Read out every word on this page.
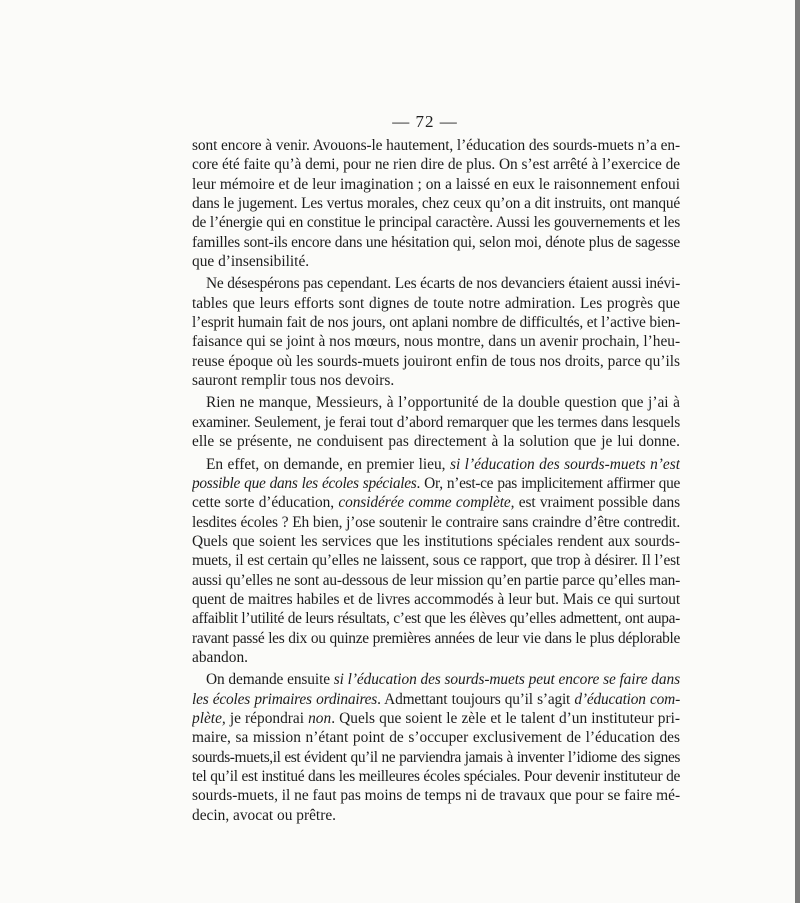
— 72 —
sont encore à venir. Avouons-le hautement, l’éducation des sourds-muets n’a en-
core été faite qu’à demi, pour ne rien dire de plus. On s’est arrêté à l’exercice de
leur mémoire et de leur imagination ; on a laissé en eux le raisonnement enfoui
dans le jugement. Les vertus morales, chez ceux qu’on a dit instruits, ont manqué
de l’énergie qui en constitue le principal caractère. Aussi les gouvernements et les
familles sont-ils encore dans une hésitation qui, selon moi, dénote plus de sagesse
que d’insensibilité.
Ne désespérons pas cependant. Les écarts de nos devanciers étaient aussi inévi-
tables que leurs efforts sont dignes de toute notre admiration. Les progrès que
l’esprit humain fait de nos jours, ont aplani nombre de difficultés, et l’active bien-
faisance qui se joint à nos mœurs, nous montre, dans un avenir prochain, l’heu-
reuse époque où les sourds-muets jouiront enfin de tous nos droits, parce qu’ils
sauront remplir tous nos devoirs.
Rien ne manque, Messieurs, à l’opportunité de la double question que j’ai à
examiner. Seulement, je ferai tout d’abord remarquer que les termes dans lesquels
elle se présente, ne conduisent pas directement à la solution que je lui donne.
En effet, on demande, en premier lieu, si l’éducation des sourds-muets n’est
possible que dans les écoles spéciales. Or, n’est-ce pas implicitement affirmer que
cette sorte d’éducation, considérée comme complète, est vraiment possible dans
lesdites écoles ? Eh bien, j’ose soutenir le contraire sans craindre d’être contredit.
Quels que soient les services que les institutions spéciales rendent aux sourds-
muets, il est certain qu’elles ne laissent, sous ce rapport, que trop à désirer. Il l’est
aussi qu’elles ne sont au-dessous de leur mission qu’en partie parce qu’elles man-
quent de maitres habiles et de livres accommodés à leur but. Mais ce qui surtout
affaiblit l’utilité de leurs résultats, c’est que les élèves qu’elles admettent, ont aupa-
ravant passé les dix ou quinze premières années de leur vie dans le plus déplorable
abandon.
On demande ensuite si l’éducation des sourds-muets peut encore se faire dans
les écoles primaires ordinaires. Admettant toujours qu’il s’agit d’éducation com-
plète, je répondrai non. Quels que soient le zèle et le talent d’un instituteur pri-
maire, sa mission n’étant point de s’occuper exclusivement de l’éducation des
sourds-muets,il est évident qu’il ne parviendra jamais à inventer l’idiome des signes
tel qu’il est institué dans les meilleures écoles spéciales. Pour devenir instituteur de
sourds-muets, il ne faut pas moins de temps ni de travaux que pour se faire mé-
decin, avocat ou prêtre.
